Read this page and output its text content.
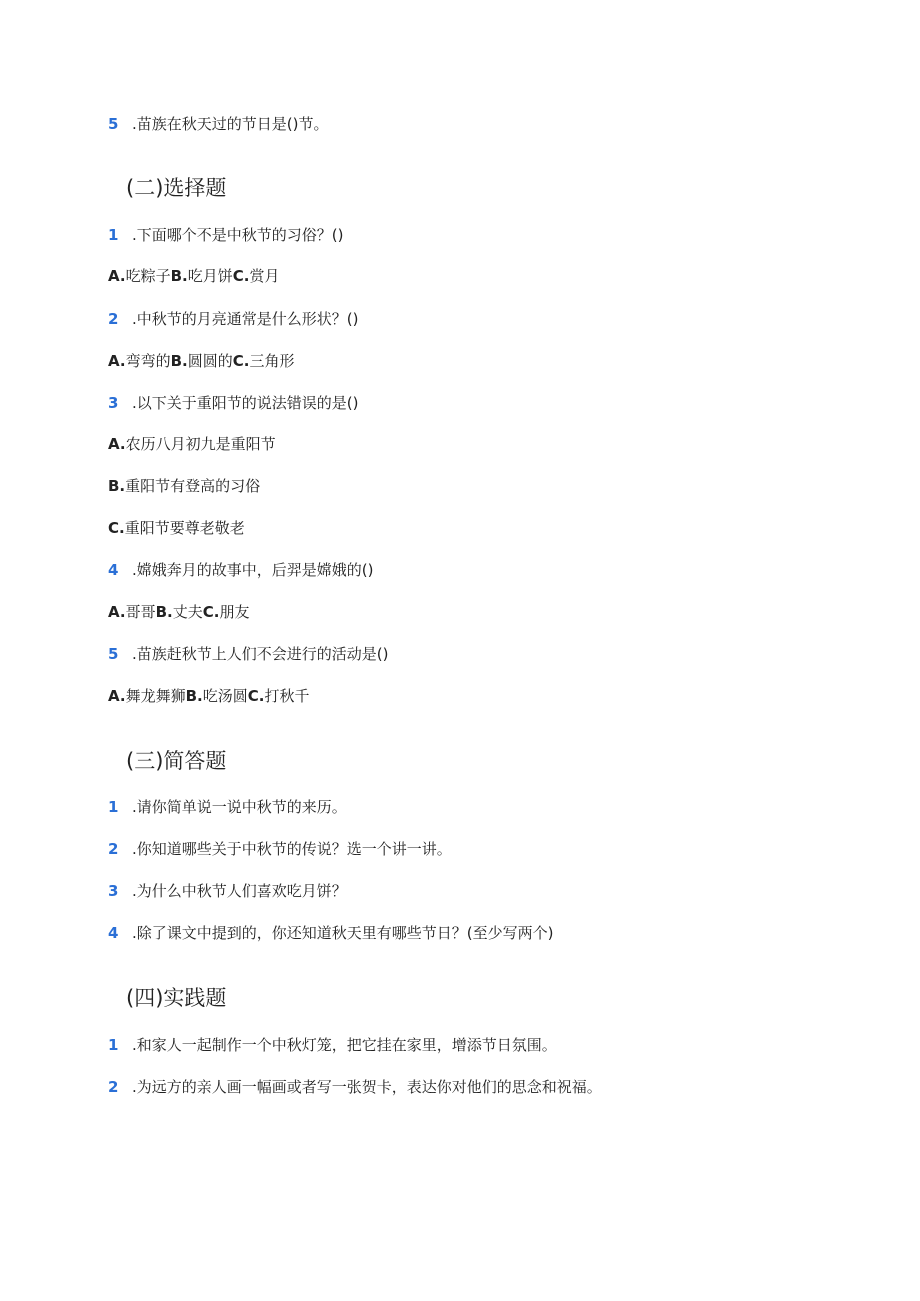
5 .苗族在秋天过的节日是()节。
(二)选择题
1 .下面哪个不是中秋节的习俗？()
A.吃粽子B.吃月饼C.赏月
2 .中秋节的月亮通常是什么形状？()
A.弯弯的B.圆圆的C.三角形
3 .以下关于重阳节的说法错误的是()
A.农历八月初九是重阳节
B.重阳节有登高的习俗
C.重阳节要尊老敬老
4 .嫦娥奔月的故事中，后羿是嫦娥的()
A.哥哥B.丈夫C.朋友
5 .苗族赶秋节上人们不会进行的活动是()
A.舞龙舞狮B.吃汤圆C.打秋千
(三)简答题
1 .请你简单说一说中秋节的来历。
2 .你知道哪些关于中秋节的传说？选一个讲一讲。
3 .为什么中秋节人们喜欢吃月饼？
4 .除了课文中提到的，你还知道秋天里有哪些节日？(至少写两个)
(四)实践题
1 .和家人一起制作一个中秋灯笼，把它挂在家里，增添节日氛围。
2 .为远方的亲人画一幅画或者写一张贺卡，表达你对他们的思念和祝福。
